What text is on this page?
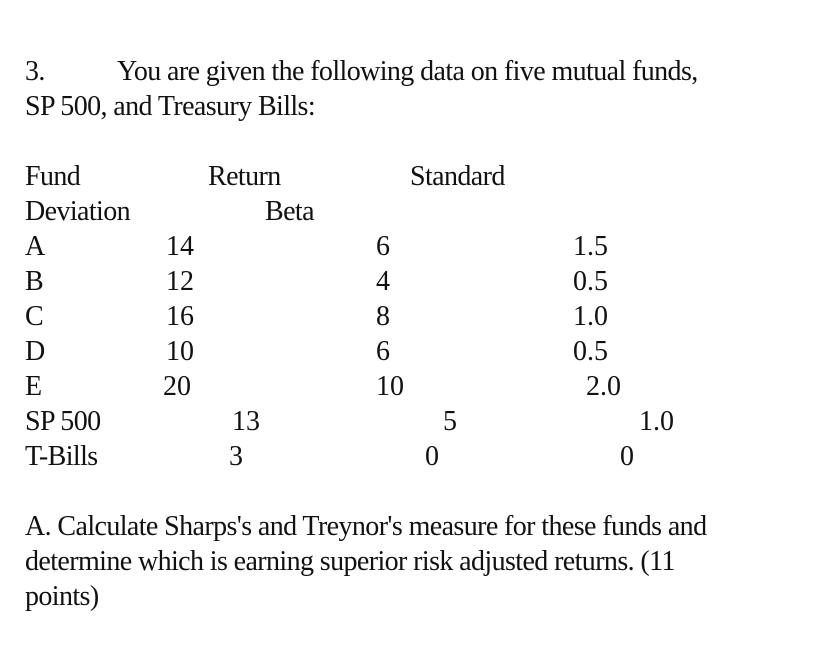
3.	You are given the following data on five mutual funds,
SP 500, and Treasury Bills:
Fund	Return	Standard
Deviation	Beta
A	14	6	1.5
B	12	4	0.5
C	16	8	1.0
D	10	6	0.5
E	20	10	2.0
SP 500	13	5	1.0
T-Bills	3	0	0
A. Calculate Sharps's and Treynor's measure for these funds and
determine which is earning superior risk adjusted returns. (11
points)
